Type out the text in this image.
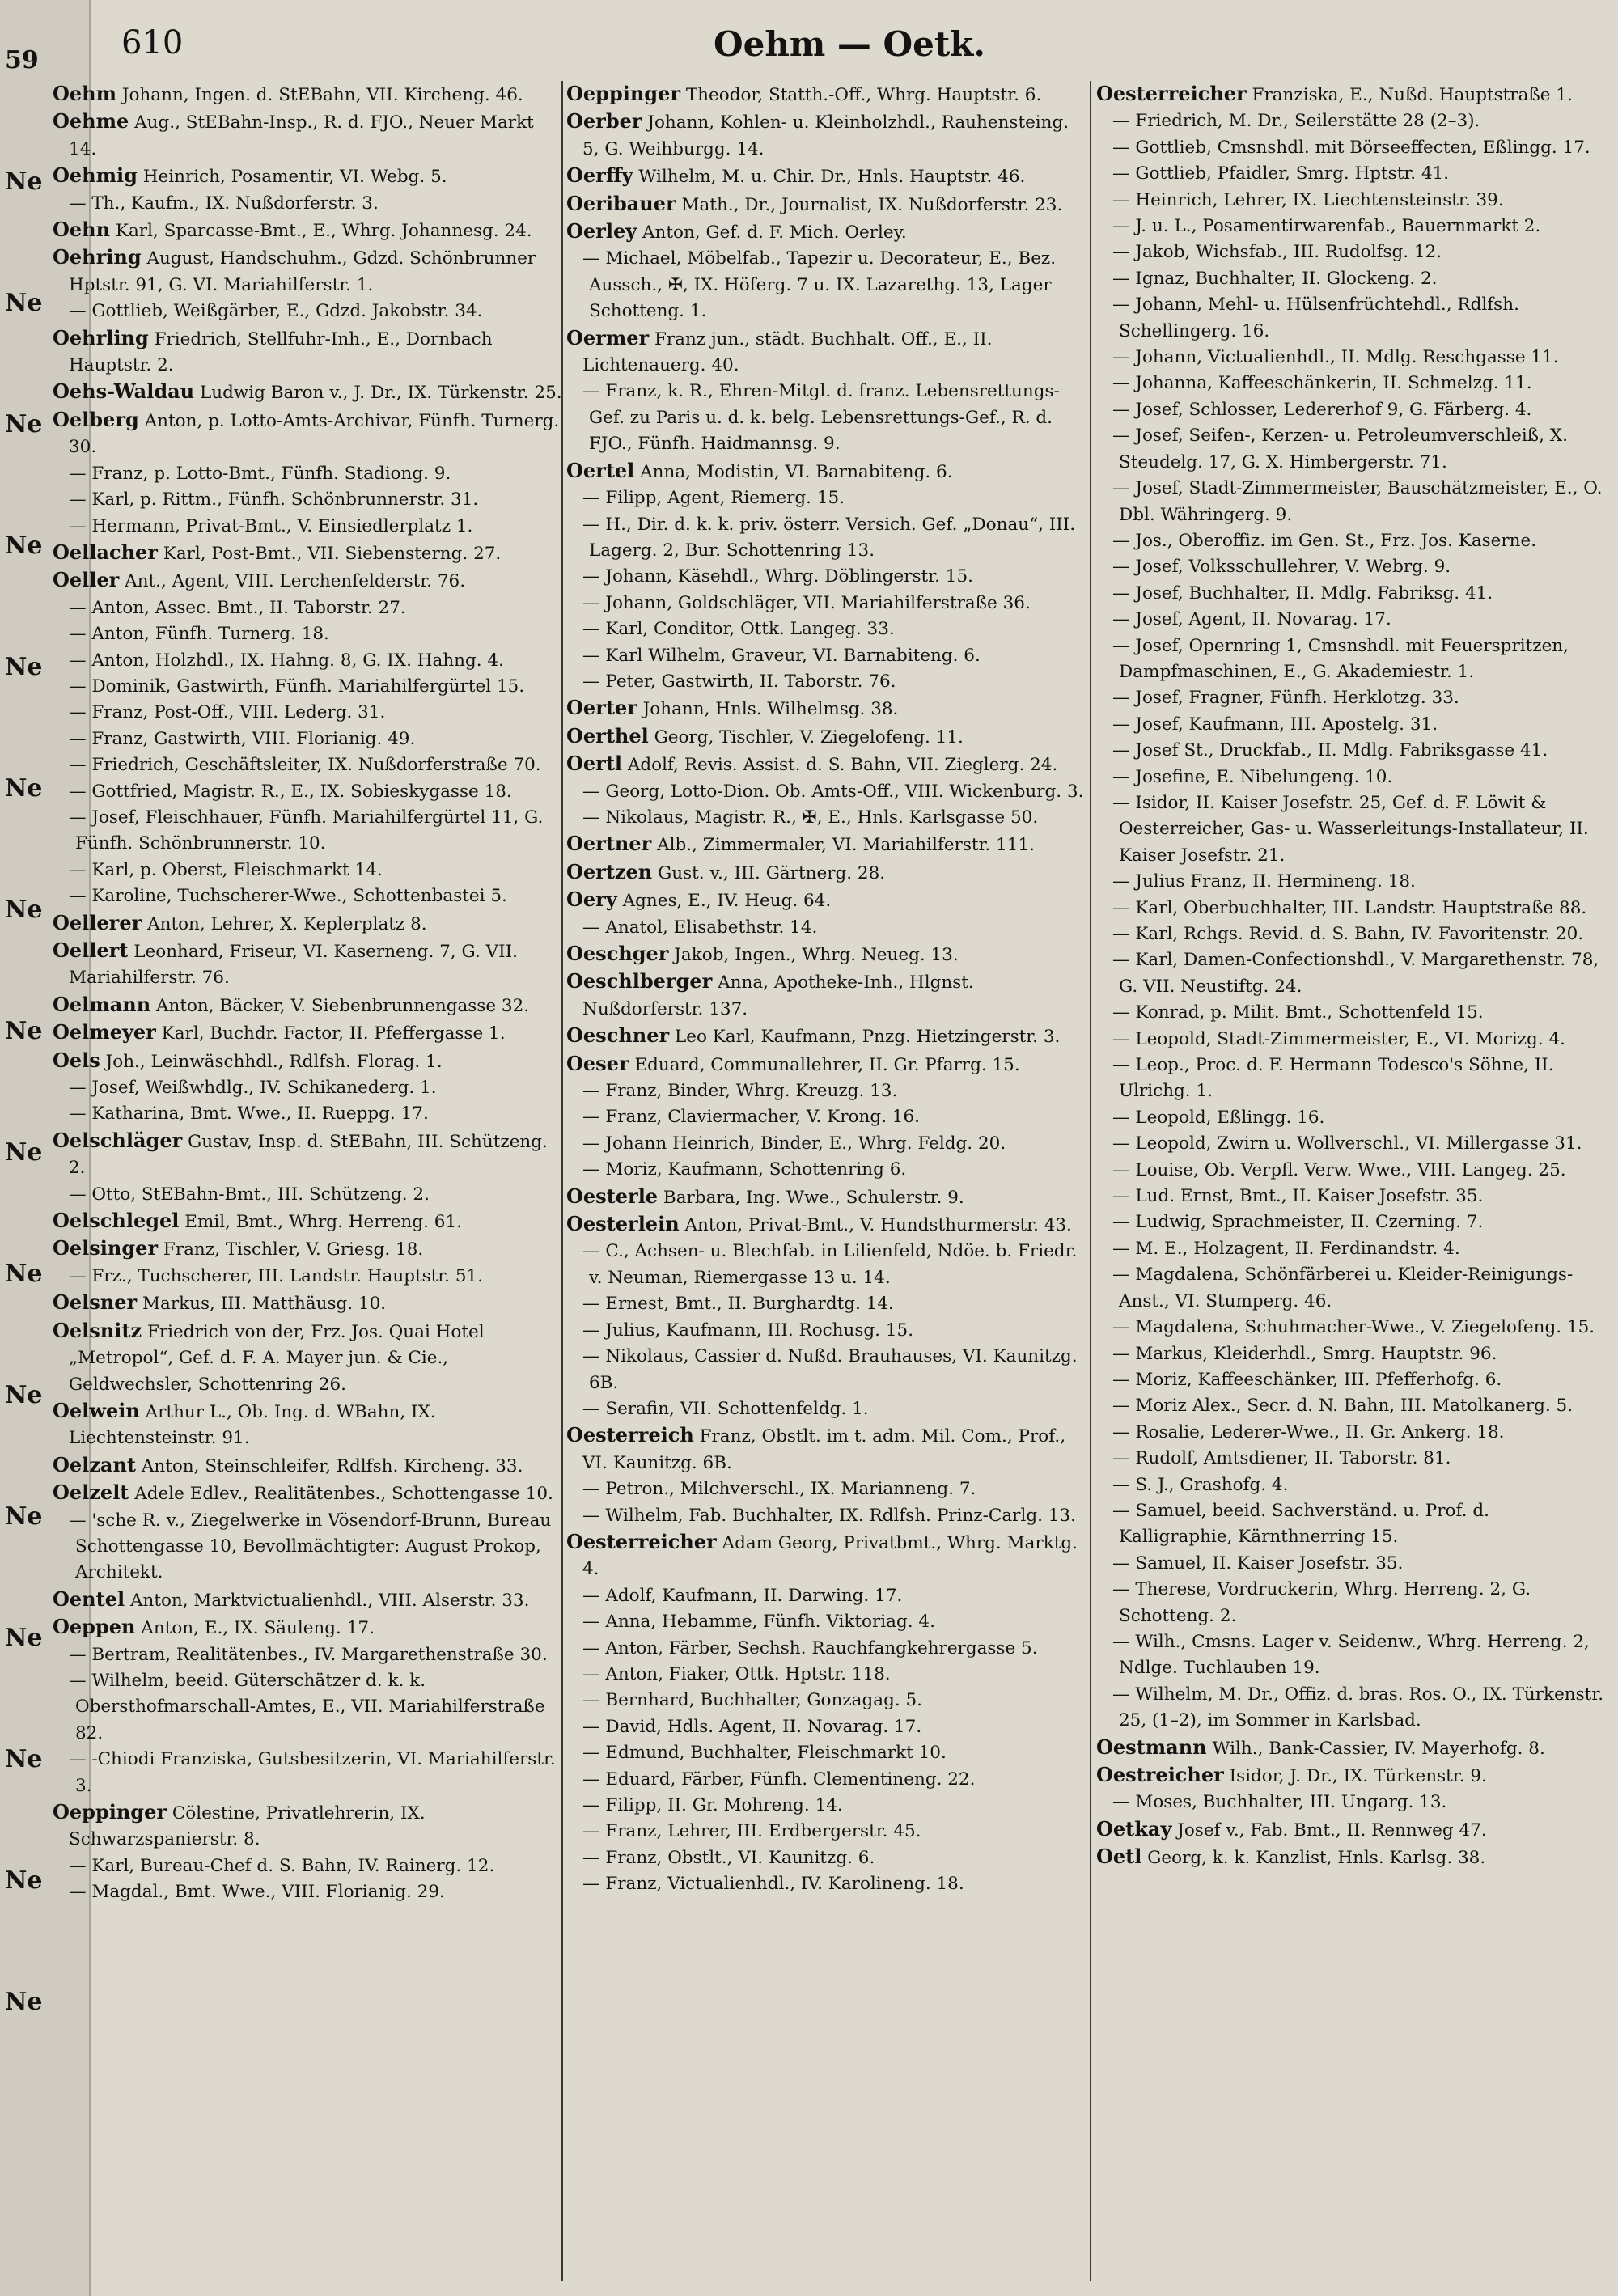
59
Ne
Ne
Ne
Ne
Ne
Ne
Ne
Ne
Ne
Ne
Ne
Ne
Ne
Ne
Ne
Ne
610	Oehm — Oetk.

Oehm Johann, Ingen. d. StEBahn, VII. Kircheng. 46.

Oehme Aug., StEBahn-Insp., R. d. FJO., Neuer Markt 14.

Oehmig Heinrich, Posamentir, VI. Webg. 5.

— Th., Kaufm., IX. Nußdorferstr. 3.

Oehn Karl, Sparcasse-Bmt., E., Whrg. Johannesg. 24.

Oehring August, Handschuhm., Gdzd. Schönbrunner Hptstr. 91, G. VI. Mariahilferstr. 1.

— Gottlieb, Weißgärber, E., Gdzd. Jakobstr. 34.

Oehrling Friedrich, Stellfuhr-Inh., E., Dornbach Hauptstr. 2.

Oehs-Waldau Ludwig Baron v., J. Dr., IX. Türkenstr. 25.

Oelberg Anton, p. Lotto-Amts-Archivar, Fünfh. Turnerg. 30.

— Franz, p. Lotto-Bmt., Fünfh. Stadiong. 9.

— Karl, p. Rittm., Fünfh. Schönbrunnerstr. 31.

— Hermann, Privat-Bmt., V. Einsiedlerplatz 1.

Oellacher Karl, Post-Bmt., VII. Siebensterng. 27.

Oeller Ant., Agent, VIII. Lerchenfelderstr. 76.

— Anton, Assec. Bmt., II. Taborstr. 27.

— Anton, Fünfh. Turnerg. 18.

— Anton, Holzhdl., IX. Hahng. 8, G. IX. Hahng. 4.

— Dominik, Gastwirth, Fünfh. Mariahilfergürtel 15.

— Franz, Post-Off., VIII. Lederg. 31.

— Franz, Gastwirth, VIII. Florianig. 49.

— Friedrich, Geschäftsleiter, IX. Nußdorferstraße 70.

— Gottfried, Magistr. R., E., IX. Sobieskygasse 18.

— Josef, Fleischhauer, Fünfh. Mariahilfergürtel 11, G. Fünfh. Schönbrunnerstr. 10.

— Karl, p. Oberst, Fleischmarkt 14.

— Karoline, Tuchscherer-Wwe., Schottenbastei 5.

Oellerer Anton, Lehrer, X. Keplerplatz 8.

Oellert Leonhard, Friseur, VI. Kaserneng. 7, G. VII. Mariahilferstr. 76.

Oelmann Anton, Bäcker, V. Siebenbrunnengasse 32.

Oelmeyer Karl, Buchdr. Factor, II. Pfeffergasse 1.

Oels Joh., Leinwäschhdl., Rdlfsh. Florag. 1.

— Josef, Weißwhdlg., IV. Schikanederg. 1.

— Katharina, Bmt. Wwe., II. Rueppg. 17.

Oelschläger Gustav, Insp. d. StEBahn, III. Schützeng. 2.

— Otto, StEBahn-Bmt., III. Schützeng. 2.

Oelschlegel Emil, Bmt., Whrg. Herreng. 61.

Oelsinger Franz, Tischler, V. Griesg. 18.

— Frz., Tuchscherer, III. Landstr. Hauptstr. 51.

Oelsner Markus, III. Matthäusg. 10.

Oelsnitz Friedrich von der, Frz. Jos. Quai Hotel „Metropol“, Gef. d. F. A. Mayer jun. & Cie., Geldwechsler, Schottenring 26.

Oelwein Arthur L., Ob. Ing. d. WBahn, IX. Liechtensteinstr. 91.

Oelzant Anton, Steinschleifer, Rdlfsh. Kircheng. 33.

Oelzelt Adele Edlev., Realitätenbes., Schottengasse 10.

— 'sche R. v., Ziegelwerke in Vösendorf-Brunn, Bureau Schottengasse 10, Bevollmächtigter: August Prokop, Architekt.

Oentel Anton, Marktvictualienhdl., VIII. Alserstr. 33.

Oeppen Anton, E., IX. Säuleng. 17.

— Bertram, Realitätenbes., IV. Margarethenstraße 30.

— Wilhelm, beeid. Güterschätzer d. k. k. Obersthofmarschall-Amtes, E., VII. Mariahilferstraße 82.

— -Chiodi Franziska, Gutsbesitzerin, VI. Mariahilferstr. 3.

Oeppinger Cölestine, Privatlehrerin, IX. Schwarzspanierstr. 8.

— Karl, Bureau-Chef d. S. Bahn, IV. Rainerg. 12.

— Magdal., Bmt. Wwe., VIII. Florianig. 29.

Oeppinger Theodor, Statth.-Off., Whrg. Hauptstr. 6.

Oerber Johann, Kohlen- u. Kleinholzhdl., Rauhensteing. 5, G. Weihburgg. 14.

Oerffy Wilhelm, M. u. Chir. Dr., Hnls. Hauptstr. 46.

Oeribauer Math., Dr., Journalist, IX. Nußdorferstr. 23.

Oerley Anton, Gef. d. F. Mich. Oerley.

— Michael, Möbelfab., Tapezir u. Decorateur, E., Bez. Aussch., ✠, IX. Höferg. 7 u. IX. Lazarethg. 13, Lager Schotteng. 1.

Oermer Franz jun., städt. Buchhalt. Off., E., II. Lichtenauerg. 40.

— Franz, k. R., Ehren-Mitgl. d. franz. Lebensrettungs-Gef. zu Paris u. d. k. belg. Lebensrettungs-Gef., R. d. FJO., Fünfh. Haidmannsg. 9.

Oertel Anna, Modistin, VI. Barnabiteng. 6.

— Filipp, Agent, Riemerg. 15.

— H., Dir. d. k. k. priv. österr. Versich. Gef. „Donau“, III. Lagerg. 2, Bur. Schottenring 13.

— Johann, Käsehdl., Whrg. Döblingerstr. 15.

— Johann, Goldschläger, VII. Mariahilferstraße 36.

— Karl, Conditor, Ottk. Langeg. 33.

— Karl Wilhelm, Graveur, VI. Barnabiteng. 6.

— Peter, Gastwirth, II. Taborstr. 76.

Oerter Johann, Hnls. Wilhelmsg. 38.

Oerthel Georg, Tischler, V. Ziegelofeng. 11.

Oertl Adolf, Revis. Assist. d. S. Bahn, VII. Zieglerg. 24.

— Georg, Lotto-Dion. Ob. Amts-Off., VIII. Wickenburg. 3.

— Nikolaus, Magistr. R., ✠, E., Hnls. Karlsgasse 50.

Oertner Alb., Zimmermaler, VI. Mariahilferstr. 111.

Oertzen Gust. v., III. Gärtnerg. 28.

Oery Agnes, E., IV. Heug. 64.

— Anatol, Elisabethstr. 14.

Oeschger Jakob, Ingen., Whrg. Neueg. 13.

Oeschlberger Anna, Apotheke-Inh., Hlgnst. Nußdorferstr. 137.

Oeschner Leo Karl, Kaufmann, Pnzg. Hietzingerstr. 3.

Oeser Eduard, Communallehrer, II. Gr. Pfarrg. 15.

— Franz, Binder, Whrg. Kreuzg. 13.

— Franz, Claviermacher, V. Krong. 16.

— Johann Heinrich, Binder, E., Whrg. Feldg. 20.

— Moriz, Kaufmann, Schottenring 6.

Oesterle Barbara, Ing. Wwe., Schulerstr. 9.

Oesterlein Anton, Privat-Bmt., V. Hundsthurmerstr. 43.

— C., Achsen- u. Blechfab. in Lilienfeld, Ndöe. b. Friedr. v. Neuman, Riemergasse 13 u. 14.

— Ernest, Bmt., II. Burghardtg. 14.

— Julius, Kaufmann, III. Rochusg. 15.

— Nikolaus, Cassier d. Nußd. Brauhauses, VI. Kaunitzg. 6B.

— Serafin, VII. Schottenfeldg. 1.

Oesterreich Franz, Obstlt. im t. adm. Mil. Com., Prof., VI. Kaunitzg. 6B.

— Petron., Milchverschl., IX. Marianneng. 7.

— Wilhelm, Fab. Buchhalter, IX. Rdlfsh. Prinz-Carlg. 13.

Oesterreicher Adam Georg, Privatbmt., Whrg. Marktg. 4.

— Adolf, Kaufmann, II. Darwing. 17.

— Anna, Hebamme, Fünfh. Viktoriag. 4.

— Anton, Färber, Sechsh. Rauchfangkehrergasse 5.

— Anton, Fiaker, Ottk. Hptstr. 118.

— Bernhard, Buchhalter, Gonzagag. 5.

— David, Hdls. Agent, II. Novarag. 17.

— Edmund, Buchhalter, Fleischmarkt 10.

— Eduard, Färber, Fünfh. Clementineng. 22.

— Filipp, II. Gr. Mohreng. 14.

— Franz, Lehrer, III. Erdbergerstr. 45.

— Franz, Obstlt., VI. Kaunitzg. 6.

— Franz, Victualienhdl., IV. Karolineng. 18.

Oesterreicher Franziska, E., Nußd. Hauptstraße 1.

— Friedrich, M. Dr., Seilerstätte 28 (2–3).

— Gottlieb, Cmsnshdl. mit Börseeffecten, Eßlingg. 17.

— Gottlieb, Pfaidler, Smrg. Hptstr. 41.

— Heinrich, Lehrer, IX. Liechtensteinstr. 39.

— J. u. L., Posamentirwarenfab., Bauernmarkt 2.

— Jakob, Wichsfab., III. Rudolfsg. 12.

— Ignaz, Buchhalter, II. Glockeng. 2.

— Johann, Mehl- u. Hülsenfrüchtehdl., Rdlfsh. Schellingerg. 16.

— Johann, Victualienhdl., II. Mdlg. Reschgasse 11.

— Johanna, Kaffeeschänkerin, II. Schmelzg. 11.

— Josef, Schlosser, Ledererhof 9, G. Färberg. 4.

— Josef, Seifen-, Kerzen- u. Petroleumverschleiß, X. Steudelg. 17, G. X. Himbergerstr. 71.

— Josef, Stadt-Zimmermeister, Bauschätzmeister, E., O. Dbl. Währingerg. 9.

— Jos., Oberoffiz. im Gen. St., Frz. Jos. Kaserne.

— Josef, Volksschullehrer, V. Webrg. 9.

— Josef, Buchhalter, II. Mdlg. Fabriksg. 41.

— Josef, Agent, II. Novarag. 17.

— Josef, Opernring 1, Cmsnshdl. mit Feuerspritzen, Dampfmaschinen, E., G. Akademiestr. 1.

— Josef, Fragner, Fünfh. Herklotzg. 33.

— Josef, Kaufmann, III. Apostelg. 31.

— Josef St., Druckfab., II. Mdlg. Fabriksgasse 41.

— Josefine, E. Nibelungeng. 10.

— Isidor, II. Kaiser Josefstr. 25, Gef. d. F. Löwit & Oesterreicher, Gas- u. Wasserleitungs-Installateur, II. Kaiser Josefstr. 21.

— Julius Franz, II. Hermineng. 18.

— Karl, Oberbuchhalter, III. Landstr. Hauptstraße 88.

— Karl, Rchgs. Revid. d. S. Bahn, IV. Favoritenstr. 20.

— Karl, Damen-Confectionshdl., V. Margarethenstr. 78, G. VII. Neustiftg. 24.

— Konrad, p. Milit. Bmt., Schottenfeld 15.

— Leopold, Stadt-Zimmermeister, E., VI. Morizg. 4.

— Leop., Proc. d. F. Hermann Todesco's Söhne, II. Ulrichg. 1.

— Leopold, Eßlingg. 16.

— Leopold, Zwirn u. Wollverschl., VI. Millergasse 31.

— Louise, Ob. Verpfl. Verw. Wwe., VIII. Langeg. 25.

— Lud. Ernst, Bmt., II. Kaiser Josefstr. 35.

— Ludwig, Sprachmeister, II. Czerning. 7.

— M. E., Holzagent, II. Ferdinandstr. 4.

— Magdalena, Schönfärberei u. Kleider-Reinigungs-Anst., VI. Stumperg. 46.

— Magdalena, Schuhmacher-Wwe., V. Ziegelofeng. 15.

— Markus, Kleiderhdl., Smrg. Hauptstr. 96.

— Moriz, Kaffeeschänker, III. Pfefferhofg. 6.

— Moriz Alex., Secr. d. N. Bahn, III. Matolkanerg. 5.

— Rosalie, Lederer-Wwe., II. Gr. Ankerg. 18.

— Rudolf, Amtsdiener, II. Taborstr. 81.

— S. J., Grashofg. 4.

— Samuel, beeid. Sachverständ. u. Prof. d. Kalligraphie, Kärnthnerring 15.

— Samuel, II. Kaiser Josefstr. 35.

— Therese, Vordruckerin, Whrg. Herreng. 2, G. Schotteng. 2.

— Wilh., Cmsns. Lager v. Seidenw., Whrg. Herreng. 2, Ndlge. Tuchlauben 19.

— Wilhelm, M. Dr., Offiz. d. bras. Ros. O., IX. Türkenstr. 25, (1–2), im Sommer in Karlsbad.

Oestmann Wilh., Bank-Cassier, IV. Mayerhofg. 8.

Oestreicher Isidor, J. Dr., IX. Türkenstr. 9.

— Moses, Buchhalter, III. Ungarg. 13.

Oetkay Josef v., Fab. Bmt., II. Rennweg 47.

Oetl Georg, k. k. Kanzlist, Hnls. Karlsg. 38.
